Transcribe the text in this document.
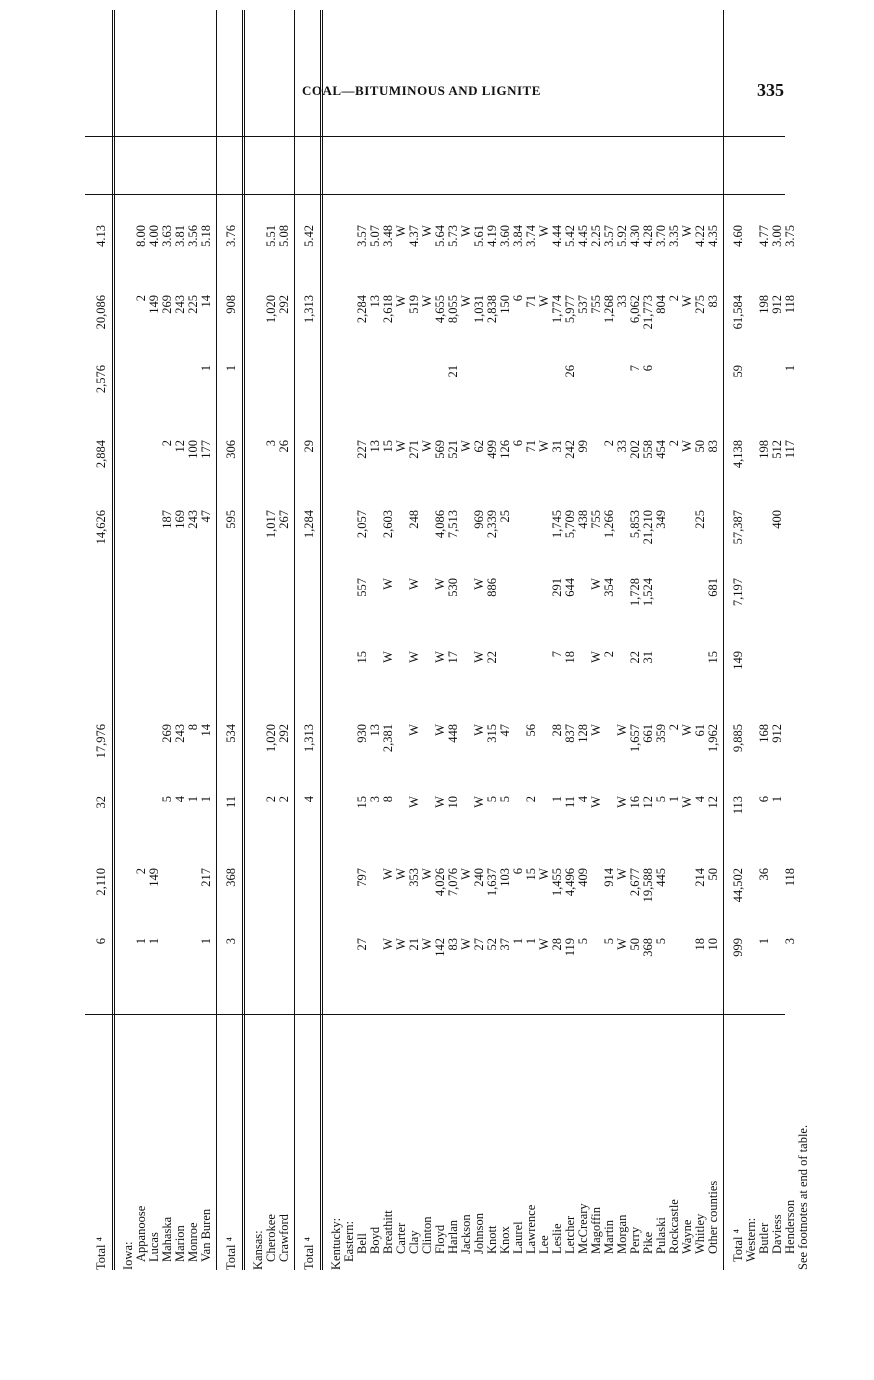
COAL—BITUMINOUS AND LIGNITE	335
Total ⁴
6
2,110
32
17,976
14,626
2,884
2,576
20,086
4.13
Iowa: Appanoose
1
2
2
8.00
Lucas
1
149
149
4.00
Mahaska
5
269
187
2
269
3.63
Marion
4
243
169
12
243
3.81
Monroe
1
8
243
100
225
3.56
Van Buren
1
217
1
14
47
177
1
14
5.18
Total ⁴
3
368
11
534
595
306
1
908
3.76
Kansas: Cherokee
2
1,020
1,017
3
1,020
5.51
Crawford
2
292
267
26
292
5.08
Total ⁴
4
1,313
1,284
29
1,313
5.42
Kentucky: Eastern: Bell
27
797
15
930
15
557
2,057
227
2,284
3.57
Boyd
3
13
13
13
5.07
Breathitt
W
W
8
2,381
W
W
2,603
15
2,618
3.48
Carter
W
W
W
W
W
Clay
21
353
W
W
W
W
248
271
519
4.37
Clinton
W
W
W
W
W
Floyd
142
4,026
W
W
W
W
4,086
569
4,655
5.64
Harlan
83
7,076
10
448
17
530
7,513
521
21
8,055
5.73
Jackson
W
W
W
W
W
Johnson
27
240
W
W
W
W
969
62
1,031
5.61
Knott
52
1,637
5
315
22
886
2,339
499
2,838
4.19
Knox
37
103
5
47
25
126
150
3.60
Laurel
1
6
6
6
3.84
Lawrence
1
15
2
56
71
71
3.74
Lee
W
W
W
W
W
Leslie
28
1,455
1
28
7
291
1,745
31
1,774
4.44
Letcher
119
4,496
11
837
18
644
5,709
242
26
5,977
5.42
McCreary
5
409
4
128
438
99
537
4.45
Magoffin
W
W
W
W
755
755
2.25
Martin
5
914
2
354
1,266
2
1,268
3.57
Morgan
W
W
W
W
33
33
5.92
Perry
50
2,677
16
1,657
22
1,728
5,853
202
7
6,062
4.30
Pike
368
19,588
12
661
31
1,524
21,210
558
6
21,773
4.28
Pulaski
5
445
5
359
349
454
804
3.70
Rockcastle
1
2
2
2
3.35
Wayne
W
W
W
W
W
Whitley
18
214
4
61
225
50
275
4.22
Other counties
10
50
12
1,962
15
681
83
83
4.35
Total ⁴
999
44,502
113
9,885
149
7,197
57,387
4,138
59
61,584
4.60
Western: Butler
1
36
6
168
198
198
4.77
Daviess
1
912
400
512
912
3.00
Henderson
3
118
117
1
118
3.75
See footnotes at end of table.
